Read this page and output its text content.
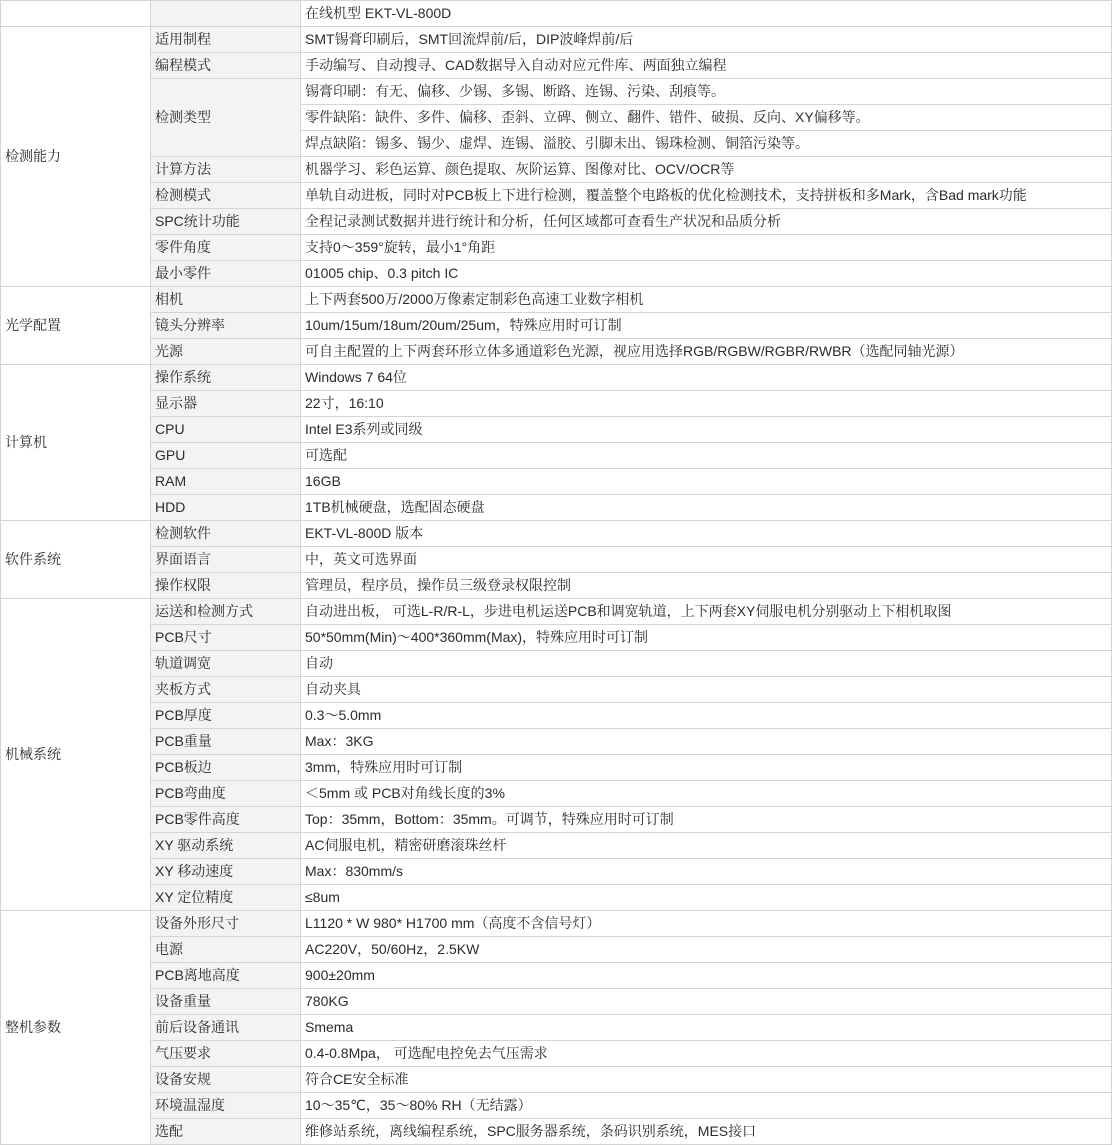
		在线机型 EKT-VL-800D
检测能力	适用制程	SMT锡膏印刷后，SMT回流焊前/后，DIP波峰焊前/后
	编程模式	手动编写、自动搜寻、CAD数据导入自动对应元件库、两面独立编程
	检测类型	锡膏印刷：有无、偏移、少锡、多锡、断路、连锡、污染、刮痕等。
		零件缺陷：缺件、多件、偏移、歪斜、立碑、侧立、翻件、错件、破损、反向、XY偏移等。
		焊点缺陷：锡多、锡少、虚焊、连锡、溢胶、引脚未出、锡珠检测、铜箔污染等。
	计算方法	机器学习、彩色运算、颜色提取、灰阶运算、图像对比、OCV/OCR等
	检测模式	单轨自动进板，同时对PCB板上下进行检测，覆盖整个电路板的优化检测技术，支持拼板和多Mark，含Bad mark功能
	SPC统计功能	全程记录测试数据并进行统计和分析，任何区域都可查看生产状况和品质分析
	零件角度	支持0～359°旋转，最小1°角距
	最小零件	01005 chip、0.3 pitch IC
光学配置	相机	上下两套500万/2000万像素定制彩色高速工业数字相机
	镜头分辨率	10um/15um/18um/20um/25um，特殊应用时可订制
	光源	可自主配置的上下两套环形立体多通道彩色光源，视应用选择RGB/RGBW/RGBR/RWBR（选配同轴光源）
计算机	操作系统	Windows 7 64位
	显示器	22寸，16:10
	CPU	Intel E3系列或同级
	GPU	可选配
	RAM	16GB
	HDD	1TB机械硬盘，选配固态硬盘
软件系统	检测软件	EKT-VL-800D 版本
	界面语言	中，英文可选界面
	操作权限	管理员，程序员，操作员三级登录权限控制
机械系统	运送和检测方式	自动进出板， 可选L-R/R-L，步进电机运送PCB和调宽轨道，上下两套XY伺服电机分别驱动上下相机取图
	PCB尺寸	50*50mm(Min)～400*360mm(Max)，特殊应用时可订制
	轨道调宽	自动
	夹板方式	自动夹具
	PCB厚度	0.3～5.0mm
	PCB重量	Max：3KG
	PCB板边	3mm，特殊应用时可订制
	PCB弯曲度	＜5mm 或 PCB对角线长度的3%
	PCB零件高度	Top：35mm，Bottom：35mm。可调节，特殊应用时可订制
	XY 驱动系统	AC伺服电机，精密研磨滚珠丝杆
	XY 移动速度	Max：830mm/s
	XY 定位精度	≤8um
整机参数	设备外形尺寸	L1120 * W 980* H1700 mm（高度不含信号灯）
	电源	AC220V，50/60Hz，2.5KW
	PCB离地高度	900±20mm
	设备重量	780KG
	前后设备通讯	Smema
	气压要求	0.4-0.8Mpa， 可选配电控免去气压需求
	设备安规	符合CE安全标准
	环境温湿度	10～35℃，35～80% RH（无结露）
	选配	维修站系统，离线编程系统，SPC服务器系统，条码识别系统，MES接口
